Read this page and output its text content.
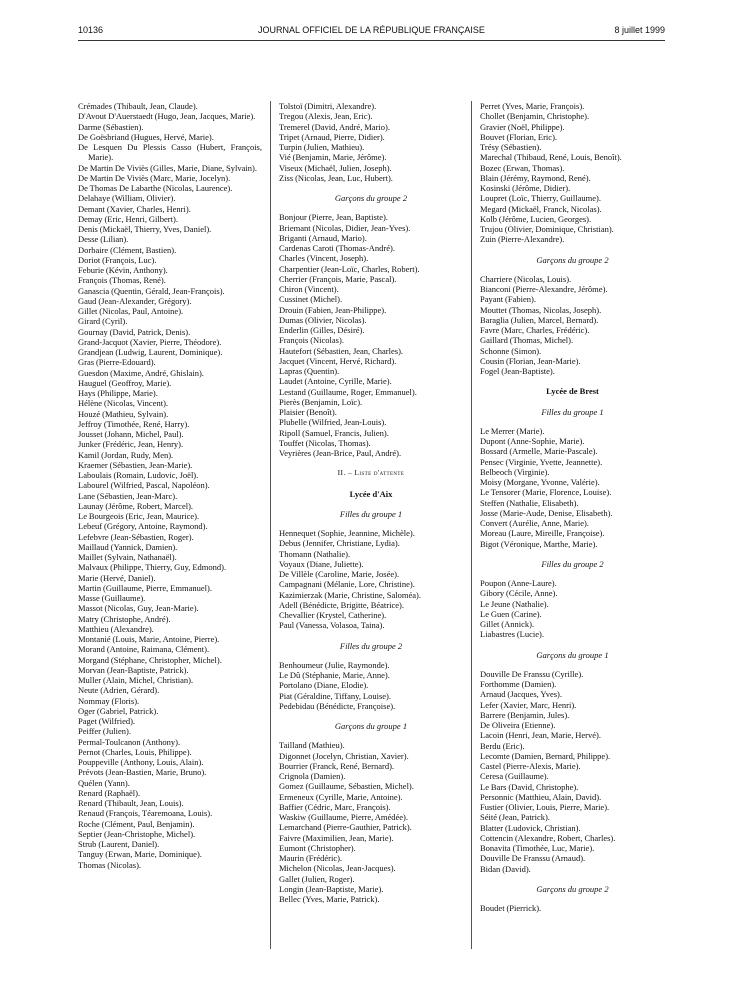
10136	JOURNAL OFFICIEL DE LA RÉPUBLIQUE FRANÇAISE	8 juillet 1999
Crémades (Thibault, Jean, Claude).
D'Avout D'Auerstaedt (Hugo, Jean, Jacques, Marie).
Darme (Sébastien).
De Goësbriand (Hugues, Hervé, Marie).
De Lesquen Du Plessis Casso (Hubert, François, Marie).
De Martin De Viviès (Gilles, Marie, Diane, Sylvain).
De Martin De Viviès (Marc, Marie, Jocelyn).
De Thomas De Labarthe (Nicolas, Laurence).
Delahaye (William, Olivier).
Demant (Xavier, Charles, Henri).
Demay (Eric, Henri, Gilbert).
Denis (Mickaël, Thierry, Yves, Daniel).
Desse (Lilian).
Dorbaire (Clément, Bastien).
Doriot (François, Luc).
Feburie (Kévin, Anthony).
François (Thomas, René).
Ganascia (Quentin, Gérald, Jean-François).
Gaud (Jean-Alexander, Grégory).
Gillet (Nicolas, Paul, Antoine).
Girard (Cyril).
Gournay (David, Patrick, Denis).
Grand-Jacquot (Xavier, Pierre, Théodore).
Grandjean (Ludwig, Laurent, Dominique).
Gras (Pierre-Edouard).
Guesdon (Maxime, André, Ghislain).
Hauguel (Geoffroy, Marie).
Hays (Philippe, Marie).
Hélène (Nicolas, Vincent).
Houzé (Mathieu, Sylvain).
Jeffroy (Timothée, René, Harry).
Jousset (Johann, Michel, Paul).
Junker (Frédéric, Jean, Henry).
Kamil (Jordan, Rudy, Men).
Kraemer (Sébastien, Jean-Marie).
Laboulais (Romain, Ludovic, Joël).
Labourel (Wilfried, Pascal, Napoléon).
Lane (Sébastien, Jean-Marc).
Launay (Jérôme, Robert, Marcel).
Le Bourgeois (Eric, Jean, Maurice).
Lebeuf (Grégory, Antoine, Raymond).
Lefebvre (Jean-Sébastien, Roger).
Maillaud (Yannick, Damien).
Maillet (Sylvain, Nathanaël).
Malvaux (Philippe, Thierry, Guy, Edmond).
Marie (Hervé, Daniel).
Martin (Guillaume, Pierre, Emmanuel).
Masse (Guillaume).
Massot (Nicolas, Guy, Jean-Marie).
Matry (Christophe, André).
Matthieu (Alexandre).
Montanié (Louis, Marie, Antoine, Pierre).
Morand (Antoine, Raimana, Clément).
Morgand (Stéphane, Christopher, Michel).
Morvan (Jean-Baptiste, Patrick).
Muller (Alain, Michel, Christian).
Neute (Adrien, Gérard).
Nommay (Floris).
Oger (Gabriel, Patrick).
Paget (Wilfried).
Peiffer (Julien).
Permal-Toulcanon (Anthony).
Pernot (Charles, Louis, Philippe).
Pouppeville (Anthony, Louis, Alain).
Prévots (Jean-Bastien, Marie, Bruno).
Quélen (Yann).
Renard (Raphaël).
Renard (Thibault, Jean, Louis).
Renaud (François, Téaremoana, Louis).
Roche (Clément, Paul, Benjamin).
Septier (Jean-Christophe, Michel).
Strub (Laurent, Daniel).
Tanguy (Erwan, Marie, Dominique).
Thomas (Nicolas).
Tolstoï (Dimitri, Alexandre).
Tregou (Alexis, Jean, Eric).
Tremerel (David, André, Mario).
Tripet (Arnaud, Pierre, Didier).
Turpin (Julien, Mathieu).
Vié (Benjamin, Marie, Jérôme).
Viseux (Michaël, Julien, Joseph).
Ziss (Nicolas, Jean, Luc, Hubert).
Garçons du groupe 2
Bonjour (Pierre, Jean, Baptiste).
Briemant (Nicolas, Didier, Jean-Yves).
Briganti (Arnaud, Mario).
Cardenas Caroti (Thomas-André).
Charles (Vincent, Joseph).
Charpentier (Jean-Loïc, Charles, Robert).
Cherrier (François, Marie, Pascal).
Chiron (Vincent).
Cussinet (Michel).
Drouin (Fabien, Jean-Philippe).
Dumas (Olivier, Nicolas).
Enderlin (Gilles, Désiré).
François (Nicolas).
Hautefort (Sébastien, Jean, Charles).
Jacquet (Vincent, Hervé, Richard).
Lapras (Quentin).
Laudet (Antoine, Cyrille, Marie).
Lestand (Guillaume, Roger, Emmanuel).
Pierès (Benjamin, Loïc).
Plaisier (Benoît).
Plubelle (Wilfried, Jean-Louis).
Ripoll (Samuel, Francis, Julien).
Touffet (Nicolas, Thomas).
Veyrières (Jean-Brice, Paul, André).
II. – Liste d'attente
Lycée d'Aix
Filles du groupe 1
Hennequet (Sophie, Jeannine, Michèle).
Debus (Jennifer, Christiane, Lydia).
Thomann (Nathalie).
Voyaux (Diane, Juliette).
De Villèle (Caroline, Marie, Josée).
Campagnani (Mélanie, Lore, Christine).
Kazimierzak (Marie, Christine, Saloméa).
Adell (Bénédicte, Brigitte, Béatrice).
Chevallier (Krystel, Catherine).
Paul (Vanessa, Volasoa, Taina).
Filles du groupe 2
Benhoumeur (Julie, Raymonde).
Le Dû (Stéphanie, Marie, Anne).
Portolano (Diane, Elodie).
Piat (Géraldine, Tiffany, Louise).
Pedebidau (Bénédicte, Françoise).
Garçons du groupe 1
Tailland (Mathieu).
Digonnet (Jocelyn, Christian, Xavier).
Bourrier (Franck, René, Bernard).
Crignola (Damien).
Gomez (Guillaume, Sébastien, Michel).
Ermeneux (Cyrille, Marie, Antoine).
Baffier (Cédric, Marc, François).
Waskiw (Guillaume, Pierre, Amédée).
Lemarchand (Pierre-Gauthier, Patrick).
Faivre (Maximilien, Jean, Marie).
Eumont (Christopher).
Maurin (Frédéric).
Michelon (Nicolas, Jean-Jacques).
Gallet (Julien, Roger).
Longin (Jean-Baptiste, Marie).
Bellec (Yves, Marie, Patrick).
Perret (Yves, Marie, François).
Chollet (Benjamin, Christophe).
Gravier (Noël, Philippe).
Bouvet (Florian, Eric).
Trésy (Sébastien).
Marechal (Thibaud, René, Louis, Benoît).
Bozec (Erwan, Thomas).
Blain (Jérémy, Raymond, René).
Kosinski (Jérôme, Didier).
Loupret (Loïc, Thierry, Guillaume).
Megard (Mickaël, Franck, Nicolas).
Kolb (Jérôme, Lucien, Georges).
Trujou (Olivier, Dominique, Christian).
Zuin (Pierre-Alexandre).
Garçons du groupe 2
Charriere (Nicolas, Louis).
Bianconi (Pierre-Alexandre, Jérôme).
Payant (Fabien).
Mouttet (Thomas, Nicolas, Joseph).
Baraglia (Julien, Marcel, Bernard).
Favre (Marc, Charles, Frédéric).
Gaillard (Thomas, Michel).
Schonne (Simon).
Cousin (Florian, Jean-Marie).
Fogel (Jean-Baptiste).
Lycée de Brest
Filles du groupe 1
Le Merrer (Marie).
Dupont (Anne-Sophie, Marie).
Bossard (Armelle, Marie-Pascale).
Pensec (Virginie, Yvette, Jeannette).
Belbeoch (Virginie).
Moisy (Morgane, Yvonne, Valérie).
Le Tensorer (Marie, Florence, Louise).
Steffen (Nathalie, Elisabeth).
Josse (Marie-Aude, Denise, Elisabeth).
Convert (Aurélie, Anne, Marie).
Moreau (Laure, Mireille, Françoise).
Bigot (Véronique, Marthe, Marie).
Filles du groupe 2
Poupon (Anne-Laure).
Gibory (Cécile, Anne).
Le Jeune (Nathalie).
Le Guen (Carine).
Gillet (Annick).
Liabastres (Lucie).
Garçons du groupe 1
Douville De Franssu (Cyrille).
Forthomme (Damien).
Arnaud (Jacques, Yves).
Lefer (Xavier, Marc, Henri).
Barrere (Benjamin, Jules).
De Oliveira (Etienne).
Lacoin (Henri, Jean, Marie, Hervé).
Berdu (Eric).
Lecomte (Damien, Bernard, Philippe).
Castel (Pierre-Alexis, Marie).
Ceresa (Guillaume).
Le Bars (David, Christophe).
Personnic (Matthieu, Alain, David).
Fustier (Olivier, Louis, Pierre, Marie).
Séité (Jean, Patrick).
Blatter (Ludovick, Christian).
Cottencin (Alexandre, Robert, Charles).
Bonavita (Timothée, Luc, Marie).
Douville De Franssu (Arnaud).
Bidan (David).
Garçons du groupe 2
Boudet (Pierrick).
